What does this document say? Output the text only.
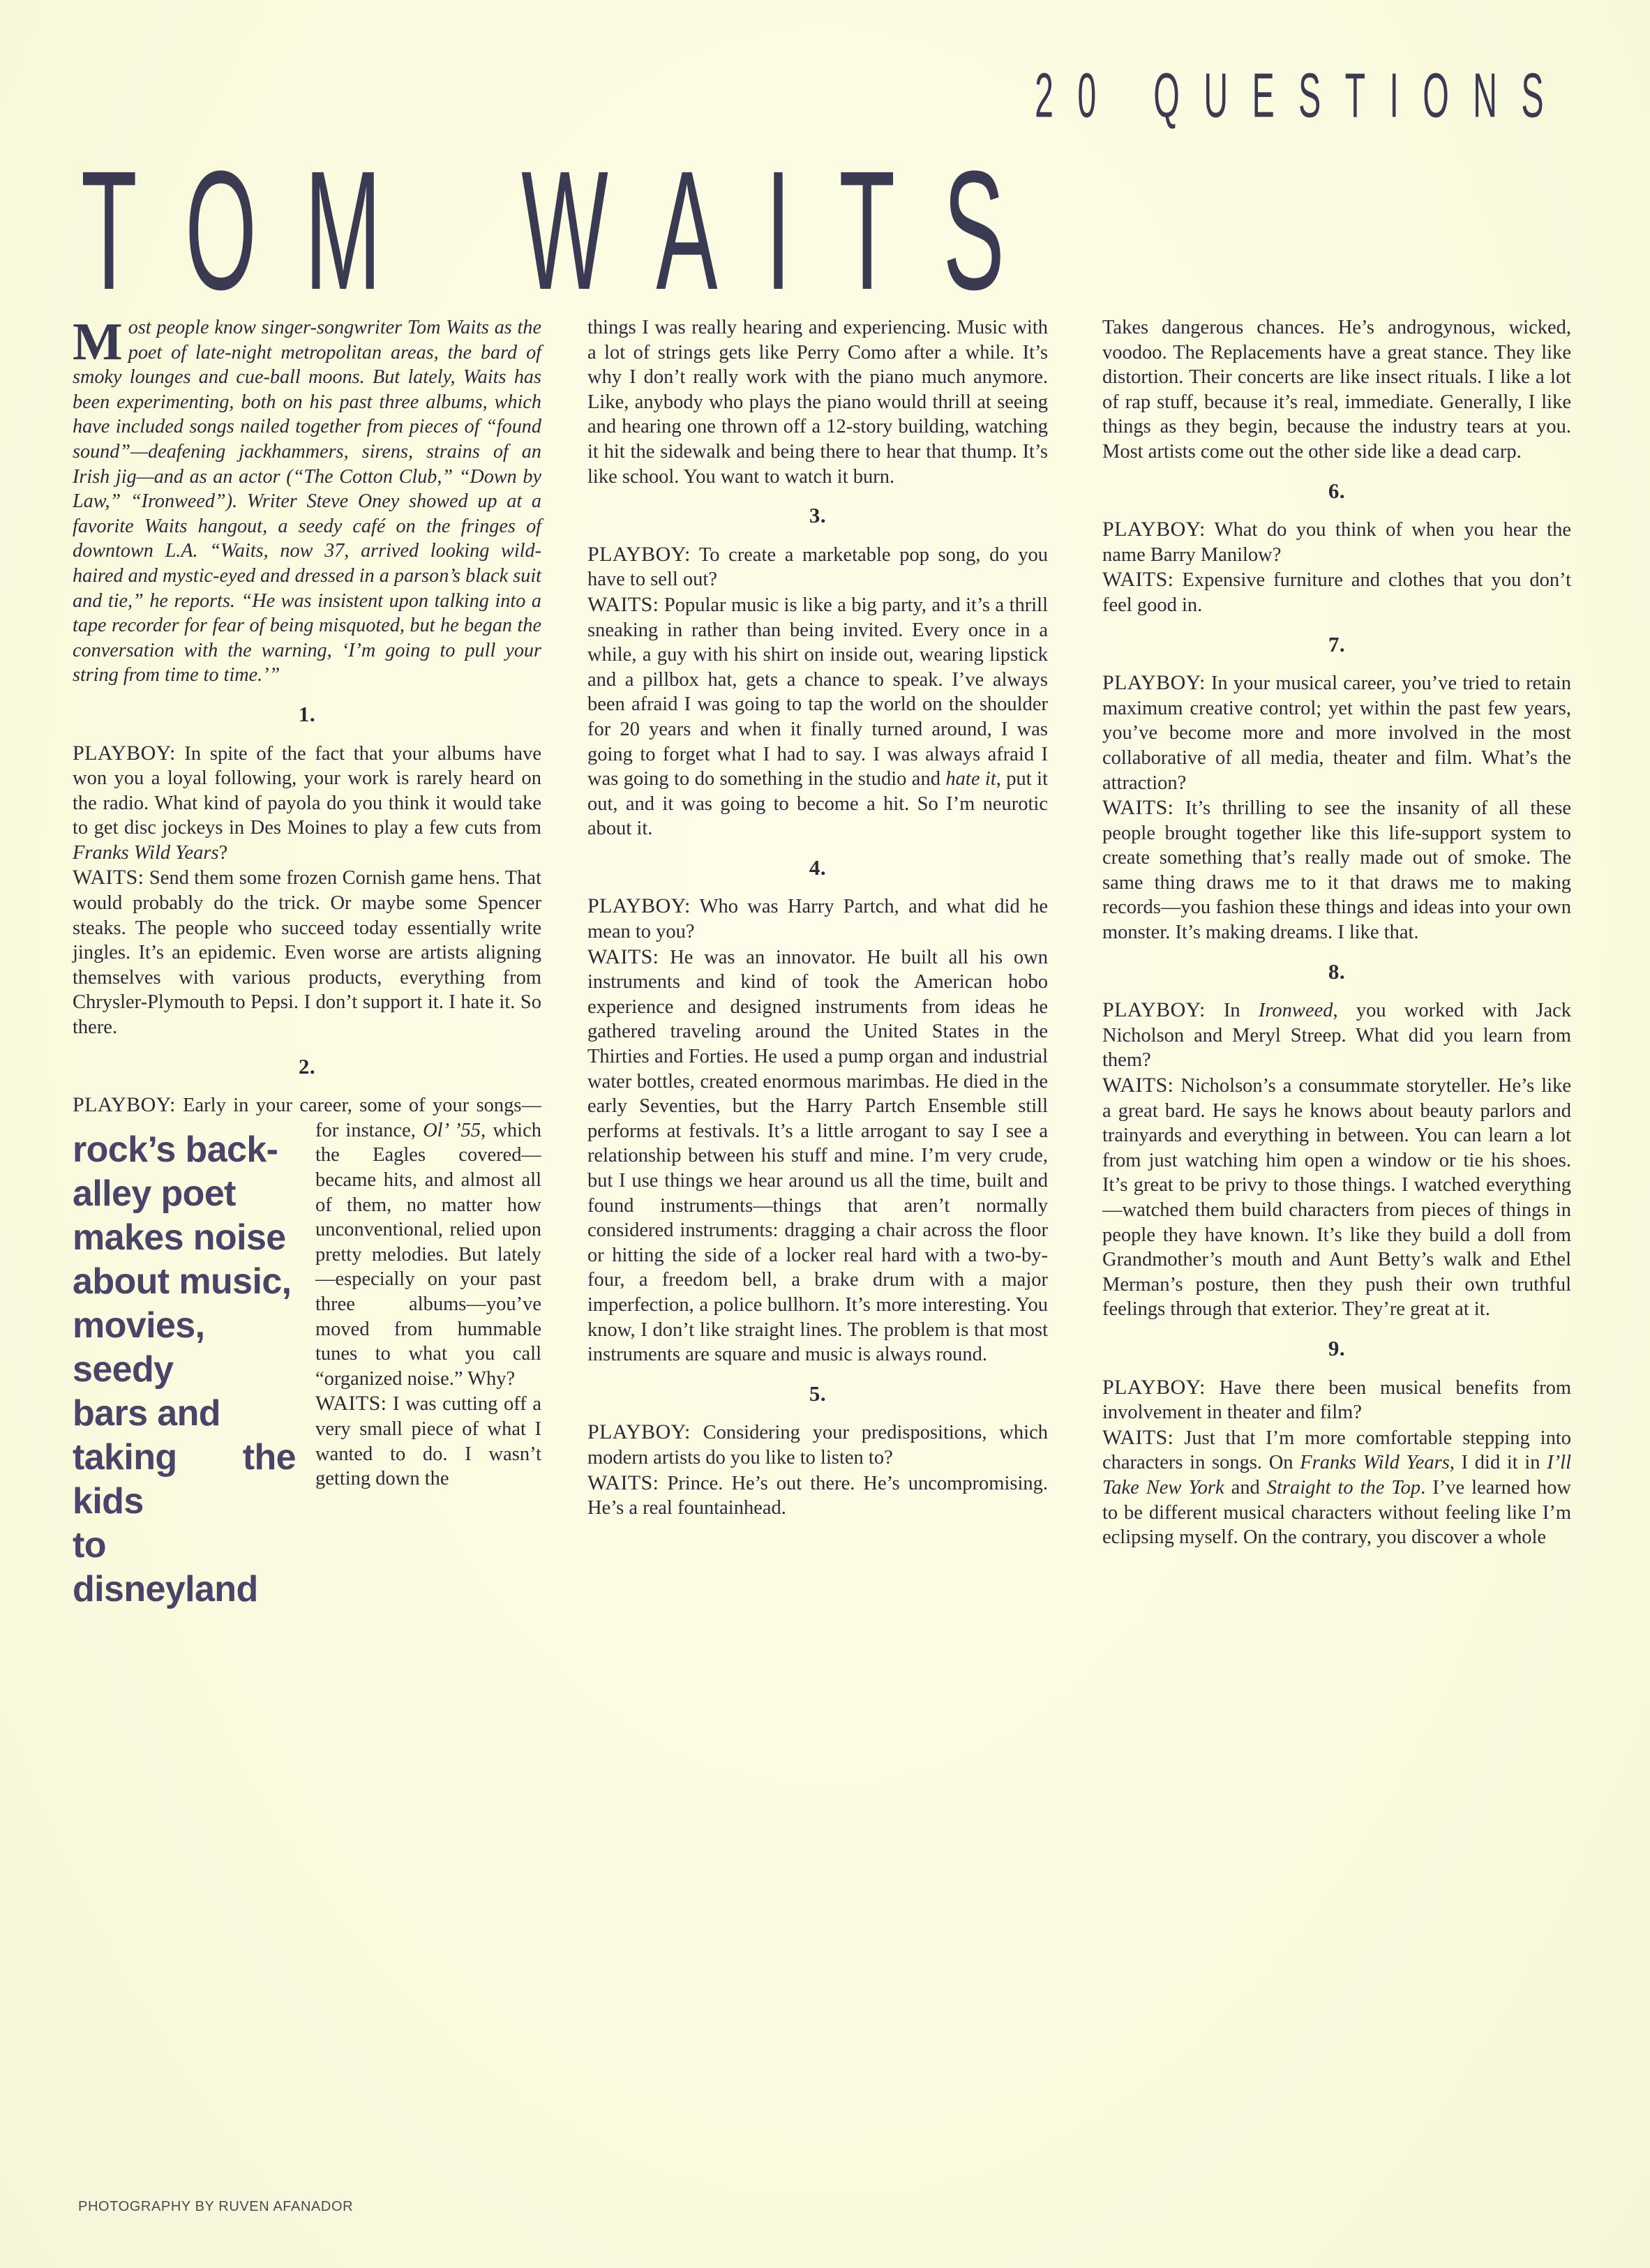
20 QUESTIONS
T O M W A I T S

Most people know singer-songwriter Tom Waits as the poet of late-night metropolitan areas, the bard of smoky lounges and cue-ball moons. But lately, Waits has been experimenting, both on his past three albums, which have included songs nailed together from pieces of “found sound”—deafening jackhammers, sirens, strains of an Irish jig—and as an actor (“The Cotton Club,” “Down by Law,” “Ironweed”). Writer Steve Oney showed up at a favorite Waits hangout, a seedy café on the fringes of downtown L.A. “Waits, now 37, arrived looking wild-haired and mystic-eyed and dressed in a parson’s black suit and tie,” he reports. “He was insistent upon talking into a tape recorder for fear of being misquoted, but he began the conversation with the warning, ‘I’m going to pull your string from time to time.’”

1.

PLAYBOY: In spite of the fact that your albums have won you a loyal following, your work is rarely heard on the radio. What kind of payola do you think it would take to get disc jockeys in Des Moines to play a few cuts from Franks Wild Years?

WAITS: Send them some frozen Cornish game hens. That would probably do the trick. Or maybe some Spencer steaks. The people who succeed today essentially write jingles. It’s an epidemic. Even worse are artists aligning themselves with various products, everything from Chrysler-Plymouth to Pepsi. I don’t support it. I hate it. So there.

2.

PLAYBOY: Early in your career, some of your songs—for instance, Ol’ ’55
rock’s back-
alley poet
makes noise
about music,
movies, seedy
bars and
taking the kids
to disneyland
, which the Eagles covered—became hits, and almost all of them, no matter how unconventional, relied upon pretty melodies. But lately—especially on your past three albums—you’ve moved from hummable tunes to what you call “organized noise.” Why?

WAITS: I was cutting off a very small piece of what I wanted to do. I wasn’t getting down the

things I was really hearing and experiencing. Music with a lot of strings gets like Perry Como after a while. It’s why I don’t really work with the piano much anymore. Like, anybody who plays the piano would thrill at seeing and hearing one thrown off a 12-story building, watching it hit the sidewalk and being there to hear that thump. It’s like school. You want to watch it burn.

3.

PLAYBOY: To create a marketable pop song, do you have to sell out?

WAITS: Popular music is like a big party, and it’s a thrill sneaking in rather than being invited. Every once in a while, a guy with his shirt on inside out, wearing lipstick and a pillbox hat, gets a chance to speak. I’ve always been afraid I was going to tap the world on the shoulder for 20 years and when it finally turned around, I was going to forget what I had to say. I was always afraid I was going to do something in the studio and hate it, put it out, and it was going to become a hit. So I’m neurotic about it.

4.

PLAYBOY: Who was Harry Partch, and what did he mean to you?

WAITS: He was an innovator. He built all his own instruments and kind of took the American hobo experience and designed instruments from ideas he gathered traveling around the United States in the Thirties and Forties. He used a pump organ and industrial water bottles, created enormous marimbas. He died in the early Seventies, but the Harry Partch Ensemble still performs at festivals. It’s a little arrogant to say I see a relationship between his stuff and mine. I’m very crude, but I use things we hear around us all the time, built and found instruments—things that aren’t normally considered instruments: dragging a chair across the floor or hitting the side of a locker real hard with a two-by-four, a freedom bell, a brake drum with a major imperfection, a police bullhorn. It’s more interesting. You know, I don’t like straight lines. The problem is that most instruments are square and music is always round.

5.

PLAYBOY: Considering your predispositions, which modern artists do you like to listen to?

WAITS: Prince. He’s out there. He’s uncompromising. He’s a real fountainhead.

Takes dangerous chances. He’s androgynous, wicked, voodoo. The Replacements have a great stance. They like distortion. Their concerts are like insect rituals. I like a lot of rap stuff, because it’s real, immediate. Generally, I like things as they begin, because the industry tears at you. Most artists come out the other side like a dead carp.

6.

PLAYBOY: What do you think of when you hear the name Barry Manilow?

WAITS: Expensive furniture and clothes that you don’t feel good in.

7.

PLAYBOY: In your musical career, you’ve tried to retain maximum creative control; yet within the past few years, you’ve become more and more involved in the most collaborative of all media, theater and film. What’s the attraction?

WAITS: It’s thrilling to see the insanity of all these people brought together like this life-support system to create something that’s really made out of smoke. The same thing draws me to it that draws me to making records—you fashion these things and ideas into your own monster. It’s making dreams. I like that.

8.

PLAYBOY: In Ironweed, you worked with Jack Nicholson and Meryl Streep. What did you learn from them?

WAITS: Nicholson’s a consummate storyteller. He’s like a great bard. He says he knows about beauty parlors and trainyards and everything in between. You can learn a lot from just watching him open a window or tie his shoes. It’s great to be privy to those things. I watched everything—watched them build characters from pieces of things in people they have known. It’s like they build a doll from Grandmother’s mouth and Aunt Betty’s walk and Ethel Merman’s posture, then they push their own truthful feelings through that exterior. They’re great at it.

9.

PLAYBOY: Have there been musical benefits from involvement in theater and film?

WAITS: Just that I’m more comfortable stepping into characters in songs. On Franks Wild Years, I did it in I’ll Take New York and Straight to the Top. I’ve learned how to be different musical characters without feeling like I’m eclipsing myself. On the contrary, you discover a whole

PHOTOGRAPHY BY RUVEN AFANADOR
